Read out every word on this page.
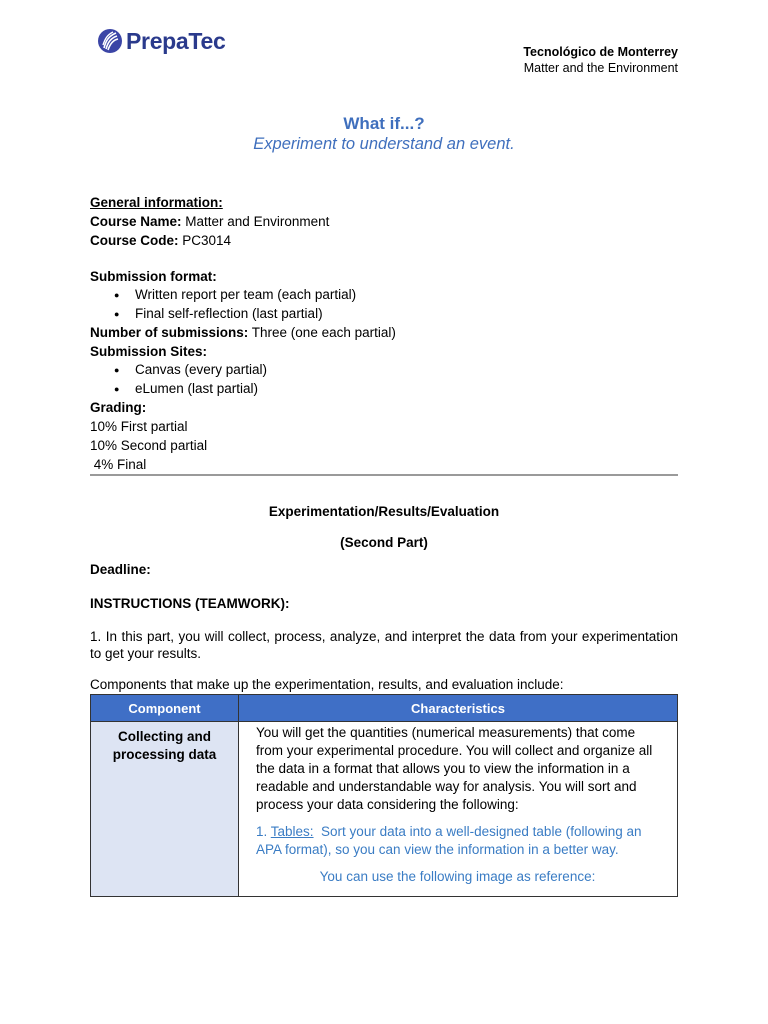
PrepaTec	Tecnológico de Monterrey
Matter and the Environment
What if...?
Experiment to understand an event.
General information:
Course Name: Matter and Environment
Course Code: PC3014
Submission format:
● Written report per team (each partial)
● Final self-reflection (last partial)
Number of submissions: Three (one each partial)
Submission Sites:
● Canvas (every partial)
● eLumen (last partial)
Grading:
10% First partial
10% Second partial
4% Final
Experimentation/Results/Evaluation
(Second Part)
Deadline:
INSTRUCTIONS (TEAMWORK):
1. In this part, you will collect, process, analyze, and interpret the data from your experimentation to get your results.
Components that make up the experimentation, results, and evaluation include:
Component	Characteristics
Collecting and processing data	You will get the quantities (numerical measurements) that come from your experimental procedure. You will collect and organize all the data in a format that allows you to view the information in a readable and understandable way for analysis. You will sort and process your data considering the following:

1. Tables:  Sort your data into a well-designed table (following an APA format), so you can view the information in a better way.

You can use the following image as reference:
